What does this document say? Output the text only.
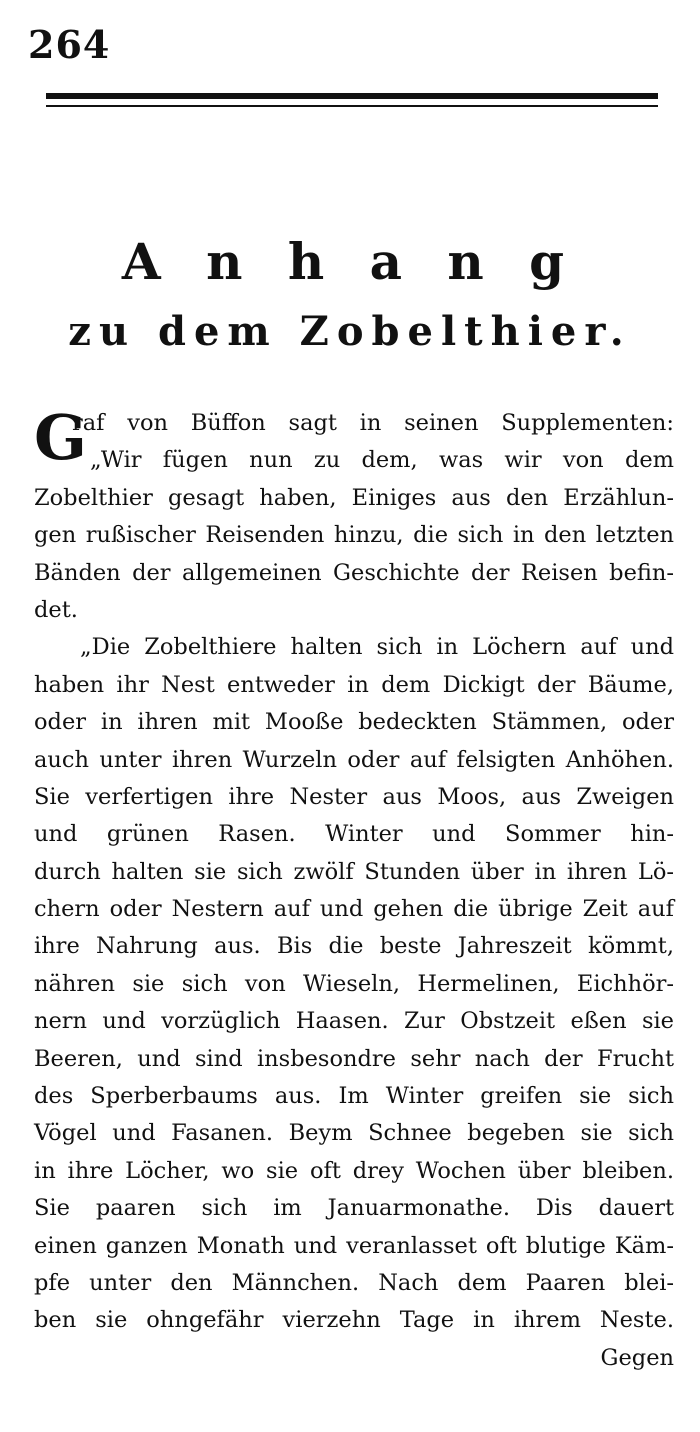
264
A n h a n g
zu dem Zobelthier.
G
raf von Büffon sagt in seinen Supplementen:
„Wir fügen nun zu dem, was wir von dem
Zobelthier gesagt haben, Einiges aus den Erzählun-
gen rußischer Reisenden hinzu, die sich in den letzten
Bänden der allgemeinen Geschichte der Reisen befin-
det.
„Die Zobelthiere halten sich in Löchern auf und
haben ihr Nest entweder in dem Dickigt der Bäume,
oder in ihren mit Mooße bedeckten Stämmen, oder
auch unter ihren Wurzeln oder auf felsigten Anhöhen.
Sie verfertigen ihre Nester aus Moos, aus Zweigen
und grünen Rasen. Winter und Sommer hin-
durch halten sie sich zwölf Stunden über in ihren Lö-
chern oder Nestern auf und gehen die übrige Zeit auf
ihre Nahrung aus. Bis die beste Jahreszeit kömmt,
nähren sie sich von Wieseln, Hermelinen, Eichhör-
nern und vorzüglich Haasen. Zur Obstzeit eßen sie
Beeren, und sind insbesondre sehr nach der Frucht
des Sperberbaums aus. Im Winter greifen sie sich
Vögel und Fasanen. Beym Schnee begeben sie sich
in ihre Löcher, wo sie oft drey Wochen über bleiben.
Sie paaren sich im Januarmonathe. Dis dauert
einen ganzen Monath und veranlasset oft blutige Käm-
pfe unter den Männchen. Nach dem Paaren blei-
ben sie ohngefähr vierzehn Tage in ihrem Neste.
Gegen
